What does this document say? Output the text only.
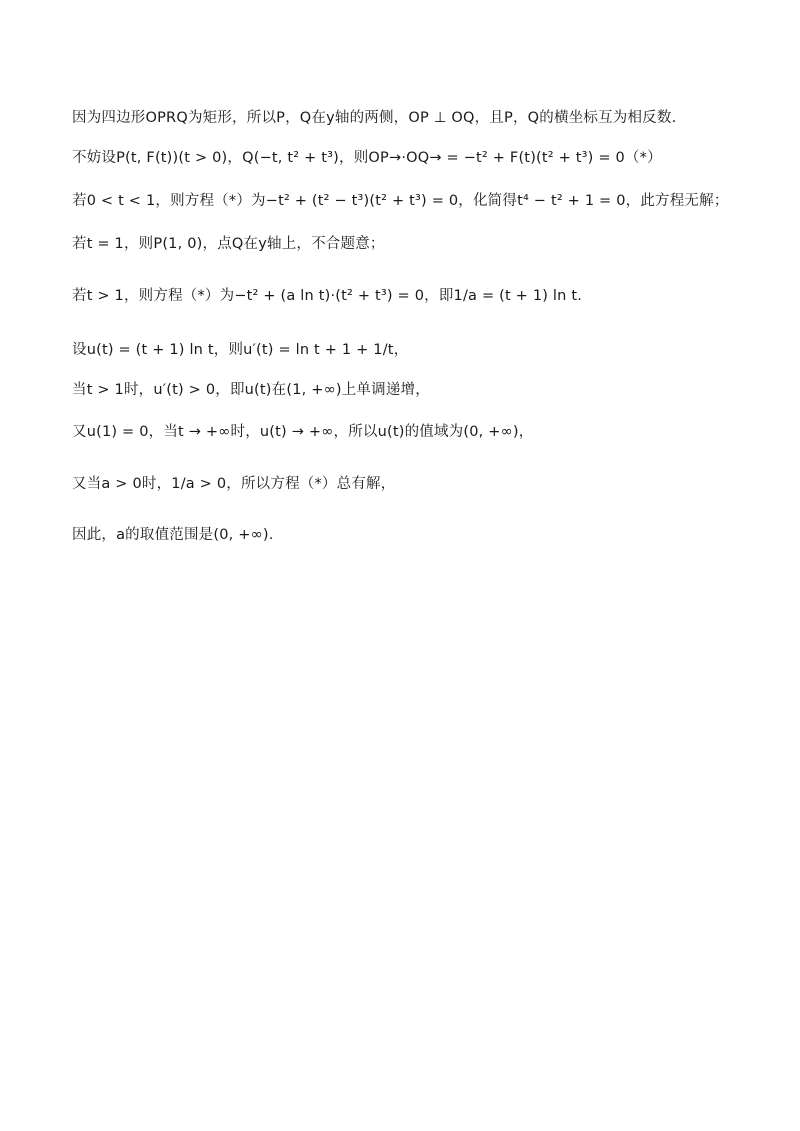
因为四边形OPRQ为矩形，所以P，Q在y轴的两侧，OP ⊥ OQ，且P，Q的横坐标互为相反数.
不妨设P(t, F(t))(t > 0)，Q(−t, t² + t³)，则OP→·OQ→ = −t² + F(t)(t² + t³) = 0（*）
若0 < t < 1，则方程（*）为−t² + (t² − t³)(t² + t³) = 0，化简得t⁴ − t² + 1 = 0，此方程无解；
若t = 1，则P(1, 0)，点Q在y轴上，不合题意；
若t > 1，则方程（*）为−t² + (a ln t)·(t² + t³) = 0，即1/a = (t + 1) ln t.
设u(t) = (t + 1) ln t，则u′(t) = ln t + 1 + 1/t，
当t > 1时，u′(t) > 0，即u(t)在(1, +∞)上单调递增，
又u(1) = 0，当t → +∞时，u(t) → +∞，所以u(t)的值域为(0, +∞)，
又当a > 0时，1/a > 0，所以方程（*）总有解，
因此，a的取值范围是(0, +∞).
